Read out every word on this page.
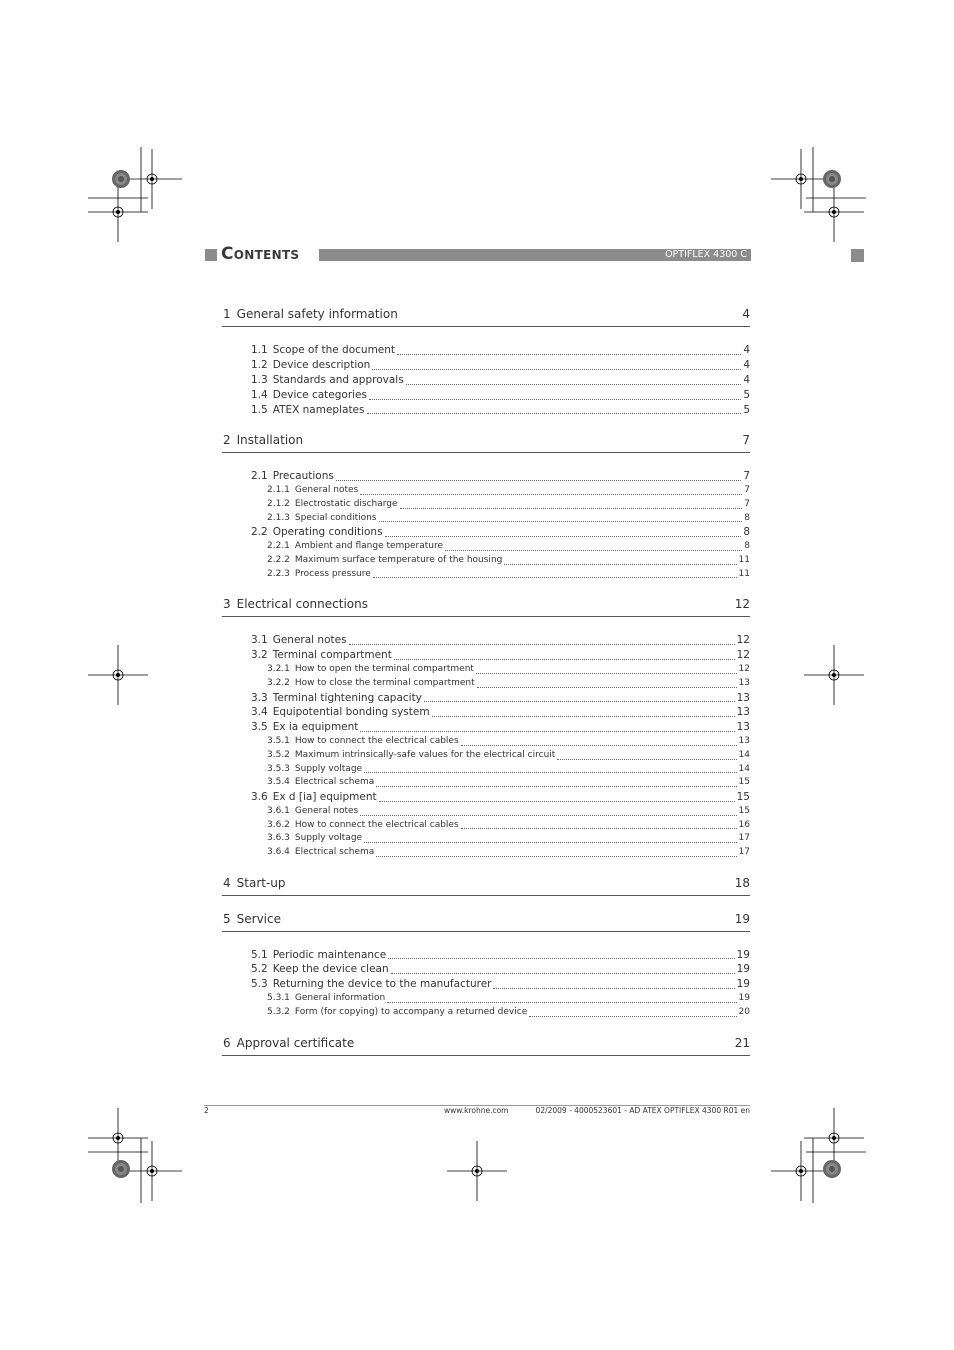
Contents	OPTIFLEX 4300 C
1 General safety information	4
1.1 Scope of the document	4
1.2 Device description	4
1.3 Standards and approvals	4
1.4 Device categories	5
1.5 ATEX nameplates	5
2 Installation	7
2.1 Precautions	7
2.1.1 General notes	7
2.1.2 Electrostatic discharge	7
2.1.3 Special conditions	8
2.2 Operating conditions	8
2.2.1 Ambient and flange temperature	8
2.2.2 Maximum surface temperature of the housing	11
2.2.3 Process pressure	11
3 Electrical connections	12
3.1 General notes	12
3.2 Terminal compartment	12
3.2.1 How to open the terminal compartment	12
3.2.2 How to close the terminal compartment	13
3.3 Terminal tightening capacity	13
3.4 Equipotential bonding system	13
3.5 Ex ia equipment	13
3.5.1 How to connect the electrical cables	13
3.5.2 Maximum intrinsically-safe values for the electrical circuit	14
3.5.3 Supply voltage	14
3.5.4 Electrical schema	15
3.6 Ex d [ia] equipment	15
3.6.1 General notes	15
3.6.2 How to connect the electrical cables	16
3.6.3 Supply voltage	17
3.6.4 Electrical schema	17
4 Start-up	18
5 Service	19
5.1 Periodic maintenance	19
5.2 Keep the device clean	19
5.3 Returning the device to the manufacturer	19
5.3.1 General information	19
5.3.2 Form (for copying) to accompany a returned device	20
6 Approval certificate	21
2	www.krohne.com	02/2009 - 4000523601 - AD ATEX OPTIFLEX 4300 R01 en
